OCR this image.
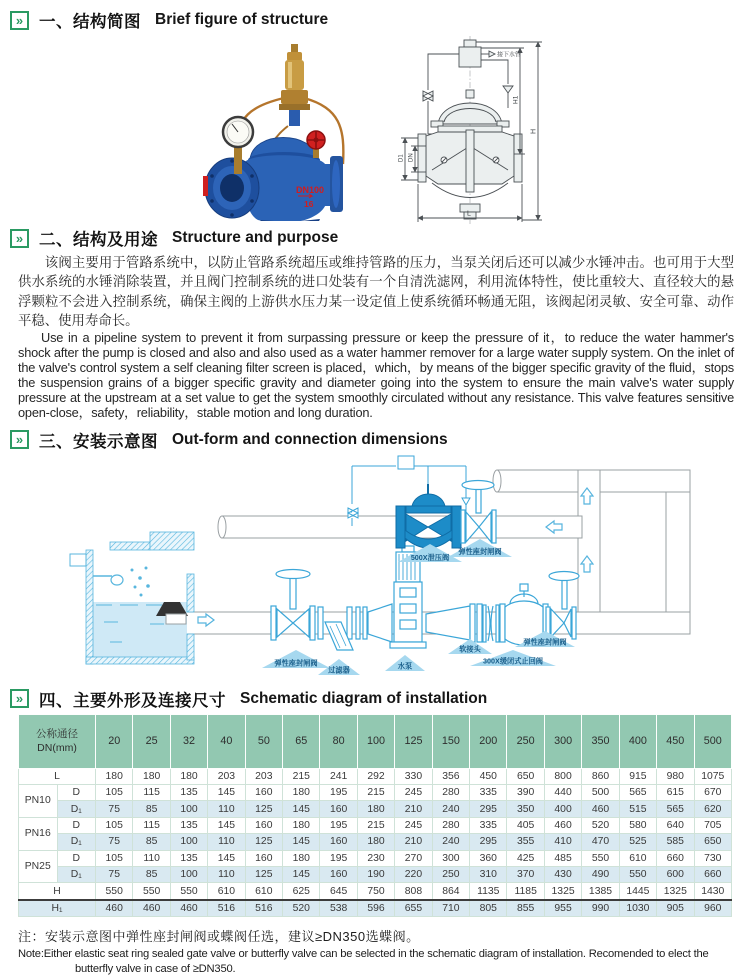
» 一、结构简图 Brief figure of structure
DN100
16
接下水管
H1
H
L
D1 DN
» 二、结构及用途 Structure and purpose

该阀主要用于管路系统中，以防止管路系统超压或维持管路的压力，当泵关闭后还可以减少水锤冲击。也可用于大型供水系统的水锤消除装置，并且阀门控制系统的进口处装有一个自清洗滤网，利用流体特性，使比重较大、直径较大的悬浮颗粒不会进入控制系统，确保主阀的上游供水压力某一设定值上使系统循环畅通无阻，该阀起闭灵敏、安全可靠、动作平稳、使用寿命长。

Use in a pipeline system to prevent it from surpassing pressure or keep the pressure of it，to reduce the water hammer's shock after the pump is closed and also and also used as a water hammer remover for a large water supply system. On the inlet of the valve's control system a self cleaning filter screen is placed，which，by means of the bigger specific gravity of the fluid，stops the suspension grains of a bigger specific gravity and diameter going into the system to ensure the main valve's water supply pressure at the upstream at a set value to get the system smoothly circulated without any resistance. This valve features sensitive open-close，safety，reliability，stable motion and long duration.

» 三、安装示意图 Out-form and connection dimensions
500X泄压阀
弹性座封闸阀
弹性座封闸阀
过滤器	水泵
软接头
300X缓闭式止回阀
弹性座封闸阀
» 四、主要外形及连接尺寸 Schematic diagram of installation
公称通径
DN(mm)		20	25	32	40	50	65	80	100	125	150	200	250	300	350	400	450	500
L		180	180	180	203	203	215	241	292	330	356	450	650	800	860	915	980	1075
PN10	D	105	115	135	145	160	180	195	215	245	280	335	390	440	500	565	615	670
	D₁	75	85	100	110	125	145	160	180	210	240	295	350	400	460	515	565	620
PN16	D	105	115	135	145	160	180	195	215	245	280	335	405	460	520	580	640	705
	D₁	75	85	100	110	125	145	160	180	210	240	295	355	410	470	525	585	650
PN25	D	105	110	135	145	160	180	195	230	270	300	360	425	485	550	610	660	730
	D₁	75	85	100	110	125	145	160	190	220	250	310	370	430	490	550	600	660
H		550	550	550	610	610	625	645	750	808	864	1135	1185	1325	1385	1445	1325	1430
H₁		460	460	460	516	516	520	538	596	655	710	805	855	955	990	1030	905	960

注：安装示意图中弹性座封闸阀或蝶阀任选，建议≥DN350选蝶阀。

Note:Either elastic seat ring sealed gate valve or butterfly valve can be selected in the schematic diagram of installation. Recomended to elect the butterfly valve in case of ≥DN350.
